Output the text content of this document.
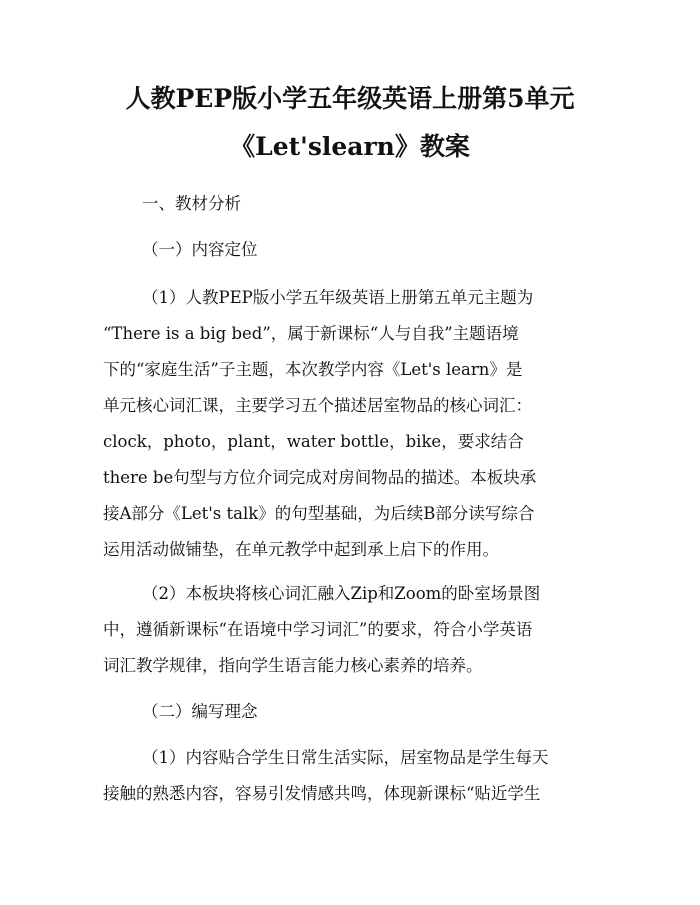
人教PEP版小学五年级英语上册第5单元
《Let'slearn》教案
一、教材分析
（一）内容定位
（1）人教PEP版小学五年级英语上册第五单元主题为
“There is a big bed”，属于新课标“人与自我”主题语境
下的“家庭生活”子主题，本次教学内容《Let's learn》是
单元核心词汇课，主要学习五个描述居室物品的核心词汇：
clock，photo，plant，water bottle，bike，要求结合
there be句型与方位介词完成对房间物品的描述。本板块承
接A部分《Let's talk》的句型基础，为后续B部分读写综合
运用活动做铺垫，在单元教学中起到承上启下的作用。
（2）本板块将核心词汇融入Zip和Zoom的卧室场景图
中，遵循新课标“在语境中学习词汇”的要求，符合小学英语
词汇教学规律，指向学生语言能力核心素养的培养。
（二）编写理念
（1）内容贴合学生日常生活实际，居室物品是学生每天
接触的熟悉内容，容易引发情感共鸣，体现新课标“贴近学生
